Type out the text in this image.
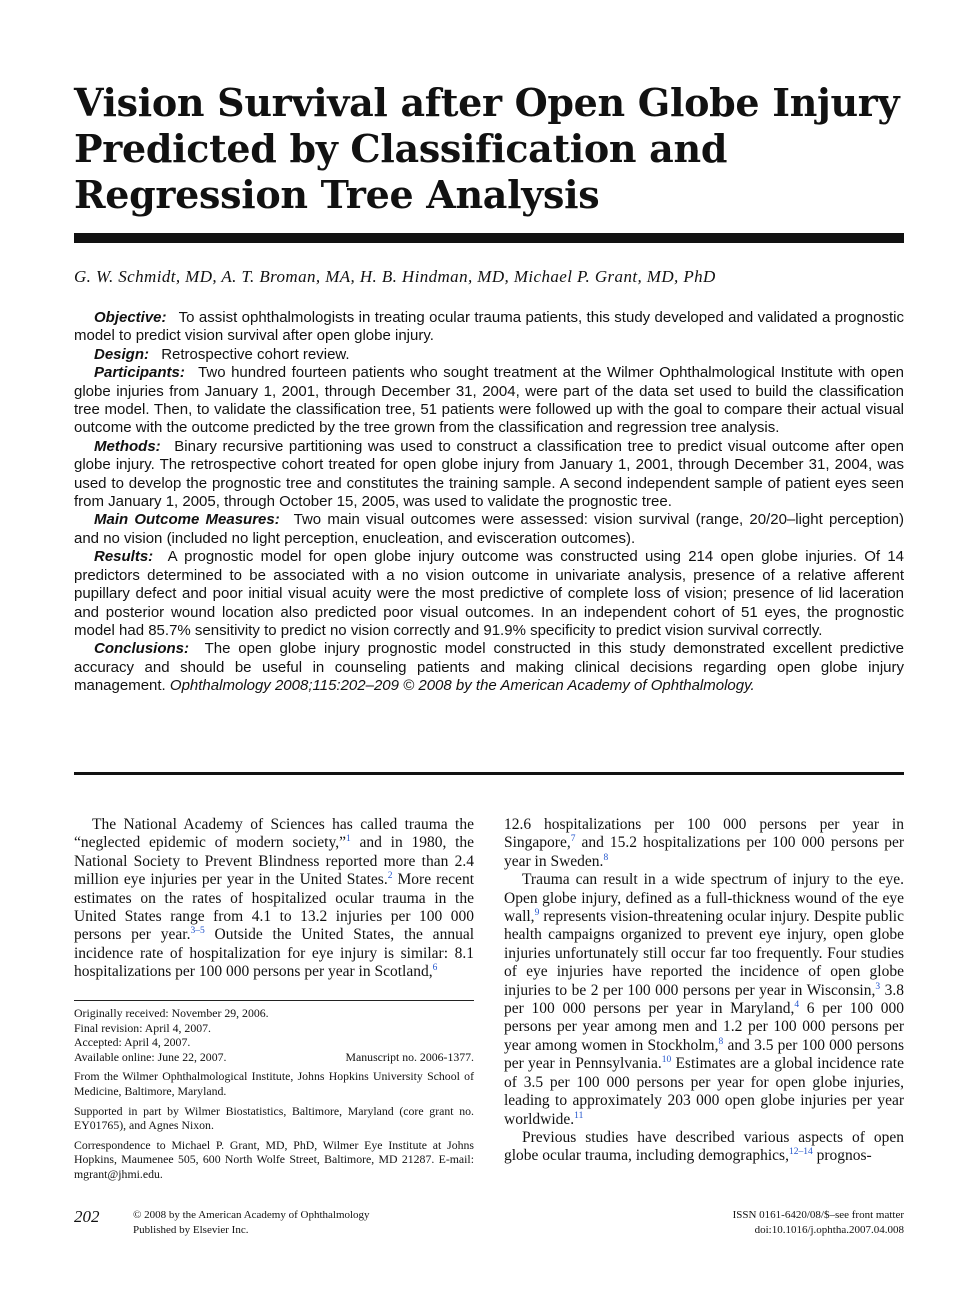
Vision Survival after Open Globe Injury Predicted by Classification and Regression Tree Analysis
G. W. Schmidt, MD, A. T. Broman, MA, H. B. Hindman, MD, Michael P. Grant, MD, PhD

Objective: To assist ophthalmologists in treating ocular trauma patients, this study developed and validated a prognostic model to predict vision survival after open globe injury.

Design: Retrospective cohort review.

Participants: Two hundred fourteen patients who sought treatment at the Wilmer Ophthalmological Institute with open globe injuries from January 1, 2001, through December 31, 2004, were part of the data set used to build the classification tree model. Then, to validate the classification tree, 51 patients were followed up with the goal to compare their actual visual outcome with the outcome predicted by the tree grown from the classification and regression tree analysis.

Methods: Binary recursive partitioning was used to construct a classification tree to predict visual outcome after open globe injury. The retrospective cohort treated for open globe injury from January 1, 2001, through December 31, 2004, was used to develop the prognostic tree and constitutes the training sample. A second independent sample of patient eyes seen from January 1, 2005, through October 15, 2005, was used to validate the prognostic tree.

Main Outcome Measures: Two main visual outcomes were assessed: vision survival (range, 20/20–light perception) and no vision (included no light perception, enucleation, and evisceration outcomes).

Results: A prognostic model for open globe injury outcome was constructed using 214 open globe injuries. Of 14 predictors determined to be associated with a no vision outcome in univariate analysis, presence of a relative afferent pupillary defect and poor initial visual acuity were the most predictive of complete loss of vision; presence of lid laceration and posterior wound location also predicted poor visual outcomes. In an independent cohort of 51 eyes, the prognostic model had 85.7% sensitivity to predict no vision correctly and 91.9% specificity to predict vision survival correctly.

Conclusions: The open globe injury prognostic model constructed in this study demonstrated excellent predictive accuracy and should be useful in counseling patients and making clinical decisions regarding open globe injury management. Ophthalmology 2008;115:202–209 © 2008 by the American Academy of Ophthalmology.

The National Academy of Sciences has called trauma the “neglected epidemic of modern society,”$^1$ and in 1980, the National Society to Prevent Blindness reported more than 2.4 million eye injuries per year in the United States.$^2$ More recent estimates on the rates of hospitalized ocular trauma in the United States range from 4.1 to 13.2 injuries per 100 000 persons per year.$^{3-5}$ Outside the United States, the annual incidence rate of hospitalization for eye injury is similar: 8.1 hospitalizations per 100 000 persons per year in Scotland,$^6$

Originally received: November 29, 2006.
Final revision: April 4, 2007.
Accepted: April 4, 2007.
Available online: June 22, 2007.	Manuscript no. 2006-1377.
From the Wilmer Ophthalmological Institute, Johns Hopkins University School of Medicine, Baltimore, Maryland.
Supported in part by Wilmer Biostatistics, Baltimore, Maryland (core grant no. EY01765), and Agnes Nixon.
Correspondence to Michael P. Grant, MD, PhD, Wilmer Eye Institute at Johns Hopkins, Maumenee 505, 600 North Wolfe Street, Baltimore, MD 21287. E-mail: mgrant@jhmi.edu.

12.6 hospitalizations per 100 000 persons per year in Singapore,$^7$ and 15.2 hospitalizations per 100 000 persons per year in Sweden.$^8$

Trauma can result in a wide spectrum of injury to the eye. Open globe injury, defined as a full-thickness wound of the eye wall,$^9$ represents vision-threatening ocular injury. Despite public health campaigns organized to prevent eye injury, open globe injuries unfortunately still occur far too frequently. Four studies of eye injuries have reported the incidence of open globe injuries to be 2 per 100 000 persons per year in Wisconsin,$^3$ 3.8 per 100 000 persons per year in Maryland,$^4$ 6 per 100 000 persons per year among men and 1.2 per 100 000 persons per year among women in Stockholm,$^8$ and 3.5 per 100 000 persons per year in Pennsylvania.$^{10}$ Estimates are a global incidence rate of 3.5 per 100 000 persons per year for open globe injuries, leading to approximately 203 000 open globe injuries per year worldwide.$^{11}$

Previous studies have described various aspects of open globe ocular trauma, including demographics,$^{12-14}$ prognos-

202	© 2008 by the American Academy of Ophthalmology
Published by Elsevier Inc.
ISSN 0161-6420/08/$–see front matter
doi:10.1016/j.ophtha.2007.04.008
